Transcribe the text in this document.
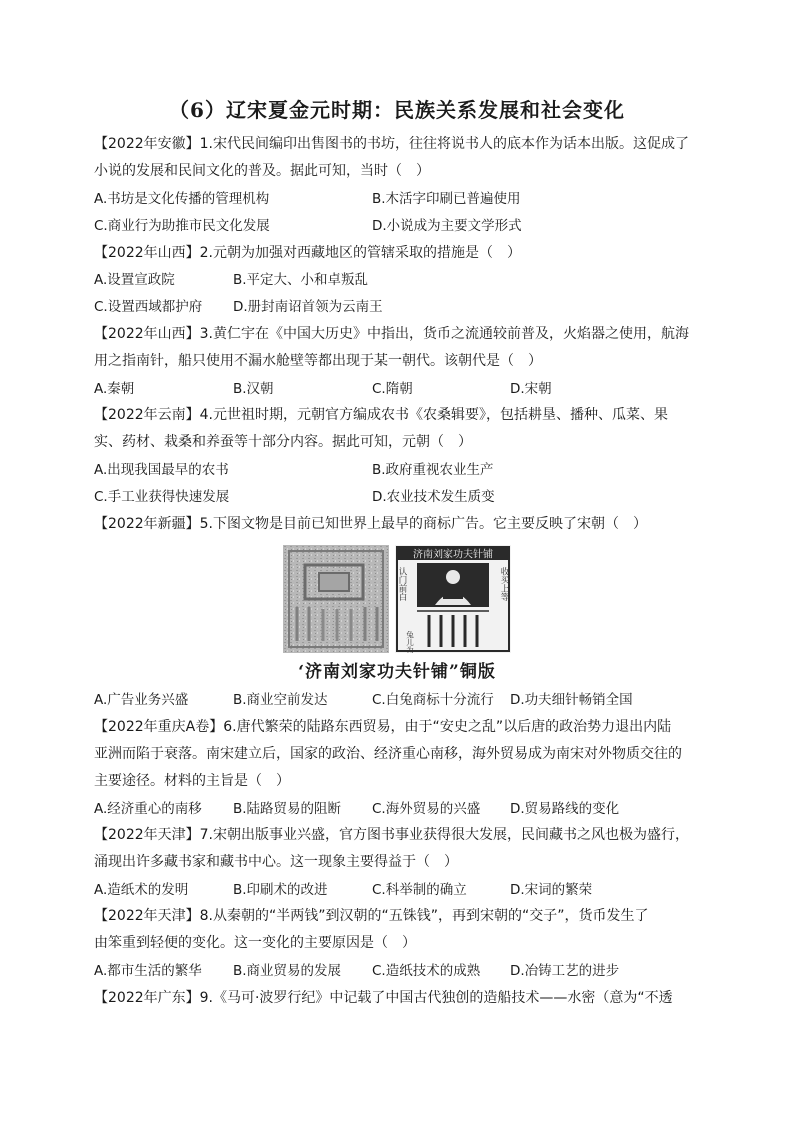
（6）辽宋夏金元时期：民族关系发展和社会变化
【2022年安徽】1.宋代民间编印出售图书的书坊，往往将说书人的底本作为话本出版。这促成了
小说的发展和民间文化的普及。据此可知，当时（　）
A.书坊是文化传播的管理机构	B.木活字印刷已普遍使用
C.商业行为助推市民文化发展	D.小说成为主要文学形式
【2022年山西】2.元朝为加强对西藏地区的管辖采取的措施是（　）
A.设置宣政院	B.平定大、小和卓叛乱
C.设置西域都护府 D.册封南诏首领为云南王
【2022年山西】3.黄仁宇在《中国大历史》中指出，货币之流通较前普及，火焰器之使用，航海
用之指南针，船只使用不漏水舱壁等都出现于某一朝代。该朝代是（　）
A.秦朝	B.汉朝	C.隋朝	D.宋朝
【2022年云南】4.元世祖时期，元朝官方编成农书《农桑辑要》，包括耕垦、播种、瓜菜、果
实、药材、栽桑和养蚕等十部分内容。据此可知，元朝（　）
A.出现我国最早的农书	B.政府重视农业生产
C.手工业获得快速发展	D.农业技术发生质变
【2022年新疆】5.下图文物是目前已知世界上最早的商标广告。它主要反映了宋朝（　）
济南刘家功夫针铺
认门前白	收买上等
兔儿为记
‘济南刘家功夫针铺”铜版
A.广告业务兴盛	B.商业空前发达	C.白兔商标十分流行 D.功夫细针畅销全国
【2022年重庆A卷】6.唐代繁荣的陆路东西贸易，由于“安史之乱”以后唐的政治势力退出内陆
亚洲而陷于衰落。南宋建立后，国家的政治、经济重心南移，海外贸易成为南宋对外物质交往的
主要途径。材料的主旨是（　）
A.经济重心的南移 B.陆路贸易的阻断 C.海外贸易的兴盛 D.贸易路线的变化
【2022年天津】7.宋朝出版事业兴盛，官方图书事业获得很大发展，民间藏书之风也极为盛行，
涌现出许多藏书家和藏书中心。这一现象主要得益于（　）
A.造纸术的发明	B.印刷术的改进	C.科举制的确立	D.宋词的繁荣
【2022年天津】8.从秦朝的“半两钱”到汉朝的“五铢钱”，再到宋朝的“交子”，货币发生了
由笨重到轻便的变化。这一变化的主要原因是（　）
A.都市生活的繁华 B.商业贸易的发展 C.造纸技术的成熟 D.冶铸工艺的进步
【2022年广东】9.《马可·波罗行纪》中记载了中国古代独创的造船技术——水密（意为“不透
